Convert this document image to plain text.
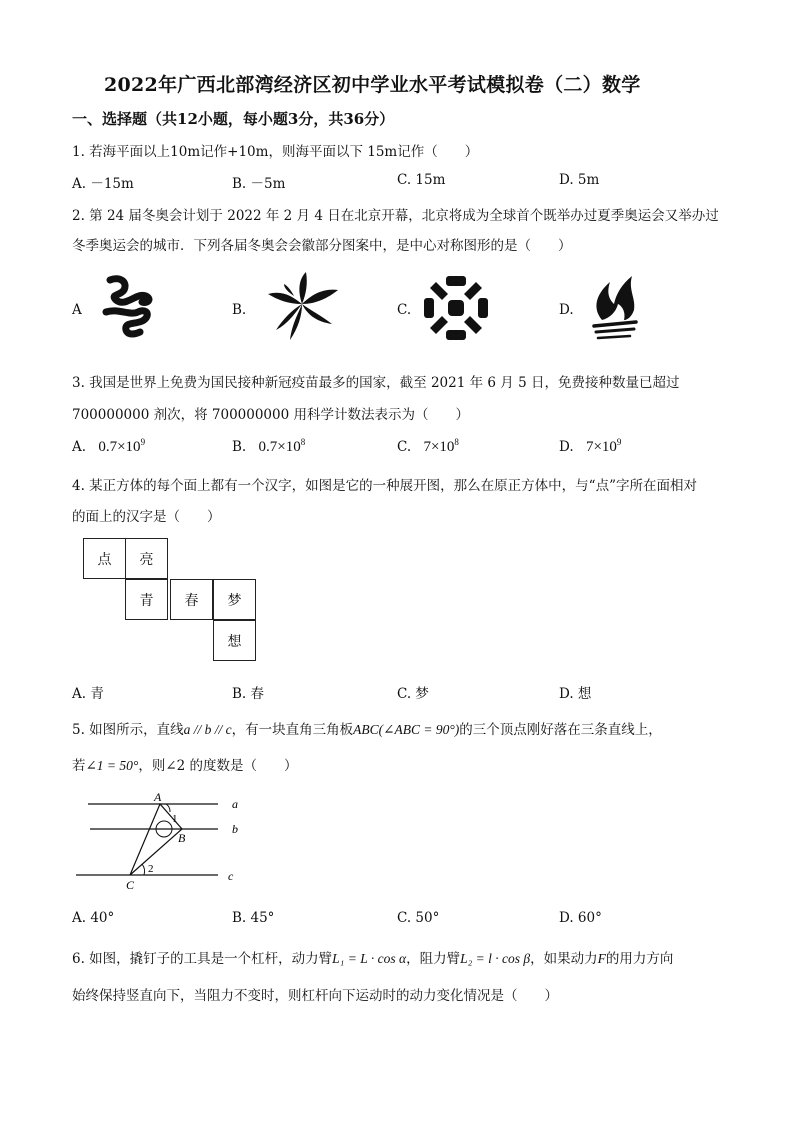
2022年广西北部湾经济区初中学业水平考试模拟卷（二）数学
一、选择题（共12小题，每小题3分，共36分）
1. 若海平面以上10m记作+10m，则海平面以下 15m记作（　　）
A. －15m	B. －5m	C. 15m	D. 5m
2. 第 24 届冬奥会计划于 2022 年 2 月 4 日在北京开幕，北京将成为全球首个既举办过夏季奥运会又举办过
冬季奥运会的城市．下列各届冬奥会会徽部分图案中，是中心对称图形的是（　　）
A	B.	C.	D.
3. 我国是世界上免费为国民接种新冠疫苗最多的国家，截至 2021 年 6 月 5 日，免费接种数量已超过
700000000 剂次，将 700000000 用科学计数法表示为（　　）
A. $0.7\times 10^9$	B. $0.7\times 10^8$	C. $7\times 10^8$	D. $7\times 10^9$
4. 某正方体的每个面上都有一个汉字，如图是它的一种展开图，那么在原正方体中，与“点”字所在面相对
的面上的汉字是（　　）
点	亮
青	春	梦
想
A. 青	B. 春	C. 梦	D. 想
5. 如图所示，直线a // b // c，有一块直角三角板ABC(∠ABC = 90°)的三个顶点刚好落在三条直线上，
若∠1 = 50°，则∠2 的度数是（　　）
A
B
C
1
2
a
b
c
A. 40°	B. 45°	C. 50°	D. 60°
6. 如图，撬钉子的工具是一个杠杆，动力臂L₁ = L · cos α，阻力臂L₂ = l · cos β，如果动力F的用力方向
始终保持竖直向下，当阻力不变时，则杠杆向下运动时的动力变化情况是（　　）
